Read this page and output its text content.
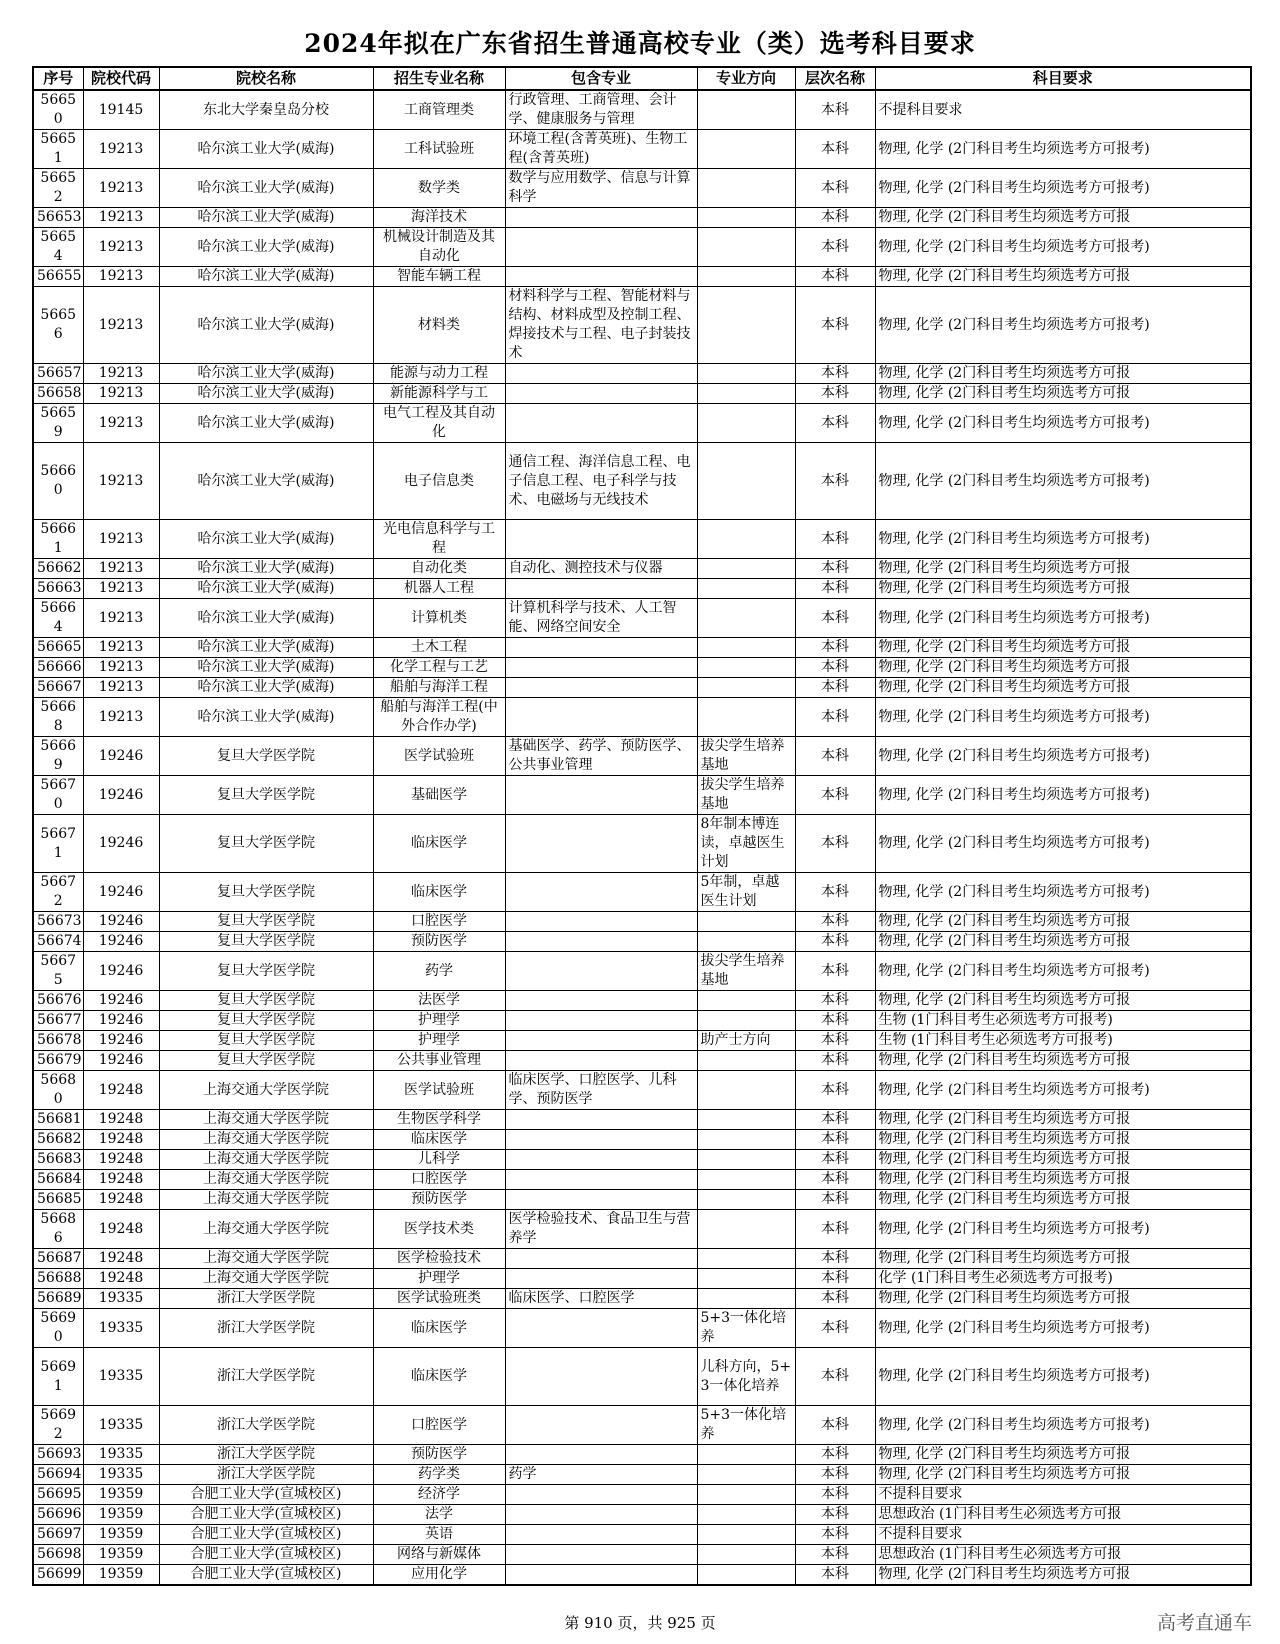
2024年拟在广东省招生普通高校专业（类）选考科目要求
序号	院校代码	院校名称	招生专业名称	包含专业	专业方向	层次名称	科目要求
56650	19145	东北大学秦皇岛分校	工商管理类	行政管理、工商管理、会计学、健康服务与管理		本科	不提科目要求
56651	19213	哈尔滨工业大学(威海)	工科试验班	环境工程(含菁英班)、生物工程(含菁英班)		本科	物理, 化学 (2门科目考生均须选考方可报考)
56652	19213	哈尔滨工业大学(威海)	数学类	数学与应用数学、信息与计算科学		本科	物理, 化学 (2门科目考生均须选考方可报考)
56653	19213	哈尔滨工业大学(威海)	海洋技术			本科	物理, 化学 (2门科目考生均须选考方可报
56654	19213	哈尔滨工业大学(威海)	机械设计制造及其自动化			本科	物理, 化学 (2门科目考生均须选考方可报考)
56655	19213	哈尔滨工业大学(威海)	智能车辆工程			本科	物理, 化学 (2门科目考生均须选考方可报
56656	19213	哈尔滨工业大学(威海)	材料类	材料科学与工程、智能材料与结构、材料成型及控制工程、焊接技术与工程、电子封装技术		本科	物理, 化学 (2门科目考生均须选考方可报考)
56657	19213	哈尔滨工业大学(威海)	能源与动力工程			本科	物理, 化学 (2门科目考生均须选考方可报
56658	19213	哈尔滨工业大学(威海)	新能源科学与工			本科	物理, 化学 (2门科目考生均须选考方可报
56659	19213	哈尔滨工业大学(威海)	电气工程及其自动化			本科	物理, 化学 (2门科目考生均须选考方可报考)
56660	19213	哈尔滨工业大学(威海)	电子信息类	通信工程、海洋信息工程、电子信息工程、电子科学与技术、电磁场与无线技术		本科	物理, 化学 (2门科目考生均须选考方可报考)
56661	19213	哈尔滨工业大学(威海)	光电信息科学与工程			本科	物理, 化学 (2门科目考生均须选考方可报考)
56662	19213	哈尔滨工业大学(威海)	自动化类	自动化、测控技术与仪器		本科	物理, 化学 (2门科目考生均须选考方可报
56663	19213	哈尔滨工业大学(威海)	机器人工程			本科	物理, 化学 (2门科目考生均须选考方可报
56664	19213	哈尔滨工业大学(威海)	计算机类	计算机科学与技术、人工智能、网络空间安全		本科	物理, 化学 (2门科目考生均须选考方可报考)
56665	19213	哈尔滨工业大学(威海)	土木工程			本科	物理, 化学 (2门科目考生均须选考方可报
56666	19213	哈尔滨工业大学(威海)	化学工程与工艺			本科	物理, 化学 (2门科目考生均须选考方可报
56667	19213	哈尔滨工业大学(威海)	船舶与海洋工程			本科	物理, 化学 (2门科目考生均须选考方可报
56668	19213	哈尔滨工业大学(威海)	船舶与海洋工程(中外合作办学)			本科	物理, 化学 (2门科目考生均须选考方可报考)
56669	19246	复旦大学医学院	医学试验班	基础医学、药学、预防医学、公共事业管理	拔尖学生培养基地	本科	物理, 化学 (2门科目考生均须选考方可报考)
56670	19246	复旦大学医学院	基础医学		拔尖学生培养基地	本科	物理, 化学 (2门科目考生均须选考方可报考)
56671	19246	复旦大学医学院	临床医学		8年制本博连读，卓越医生计划	本科	物理, 化学 (2门科目考生均须选考方可报考)
56672	19246	复旦大学医学院	临床医学		5年制，卓越医生计划	本科	物理, 化学 (2门科目考生均须选考方可报考)
56673	19246	复旦大学医学院	口腔医学			本科	物理, 化学 (2门科目考生均须选考方可报
56674	19246	复旦大学医学院	预防医学			本科	物理, 化学 (2门科目考生均须选考方可报
56675	19246	复旦大学医学院	药学		拔尖学生培养基地	本科	物理, 化学 (2门科目考生均须选考方可报考)
56676	19246	复旦大学医学院	法医学			本科	物理, 化学 (2门科目考生均须选考方可报
56677	19246	复旦大学医学院	护理学			本科	生物 (1门科目考生必须选考方可报考)
56678	19246	复旦大学医学院	护理学		助产士方向	本科	生物 (1门科目考生必须选考方可报考)
56679	19246	复旦大学医学院	公共事业管理			本科	物理, 化学 (2门科目考生均须选考方可报
56680	19248	上海交通大学医学院	医学试验班	临床医学、口腔医学、儿科学、预防医学		本科	物理, 化学 (2门科目考生均须选考方可报考)
56681	19248	上海交通大学医学院	生物医学科学			本科	物理, 化学 (2门科目考生均须选考方可报
56682	19248	上海交通大学医学院	临床医学			本科	物理, 化学 (2门科目考生均须选考方可报
56683	19248	上海交通大学医学院	儿科学			本科	物理, 化学 (2门科目考生均须选考方可报
56684	19248	上海交通大学医学院	口腔医学			本科	物理, 化学 (2门科目考生均须选考方可报
56685	19248	上海交通大学医学院	预防医学			本科	物理, 化学 (2门科目考生均须选考方可报
56686	19248	上海交通大学医学院	医学技术类	医学检验技术、食品卫生与营养学		本科	物理, 化学 (2门科目考生均须选考方可报考)
56687	19248	上海交通大学医学院	医学检验技术			本科	物理, 化学 (2门科目考生均须选考方可报
56688	19248	上海交通大学医学院	护理学			本科	化学 (1门科目考生必须选考方可报考)
56689	19335	浙江大学医学院	医学试验班类	临床医学、口腔医学		本科	物理, 化学 (2门科目考生均须选考方可报
56690	19335	浙江大学医学院	临床医学		5+3一体化培养	本科	物理, 化学 (2门科目考生均须选考方可报考)
56691	19335	浙江大学医学院	临床医学		儿科方向，5+3一体化培养	本科	物理, 化学 (2门科目考生均须选考方可报考)
56692	19335	浙江大学医学院	口腔医学		5+3一体化培养	本科	物理, 化学 (2门科目考生均须选考方可报考)
56693	19335	浙江大学医学院	预防医学			本科	物理, 化学 (2门科目考生均须选考方可报
56694	19335	浙江大学医学院	药学类	药学		本科	物理, 化学 (2门科目考生均须选考方可报
56695	19359	合肥工业大学(宣城校区)	经济学			本科	不提科目要求
56696	19359	合肥工业大学(宣城校区)	法学			本科	思想政治 (1门科目考生必须选考方可报
56697	19359	合肥工业大学(宣城校区)	英语			本科	不提科目要求
56698	19359	合肥工业大学(宣城校区)	网络与新媒体			本科	思想政治 (1门科目考生必须选考方可报
56699	19359	合肥工业大学(宣城校区)	应用化学			本科	物理, 化学 (2门科目考生均须选考方可报
第 910 页，共 925 页	高考直通车
